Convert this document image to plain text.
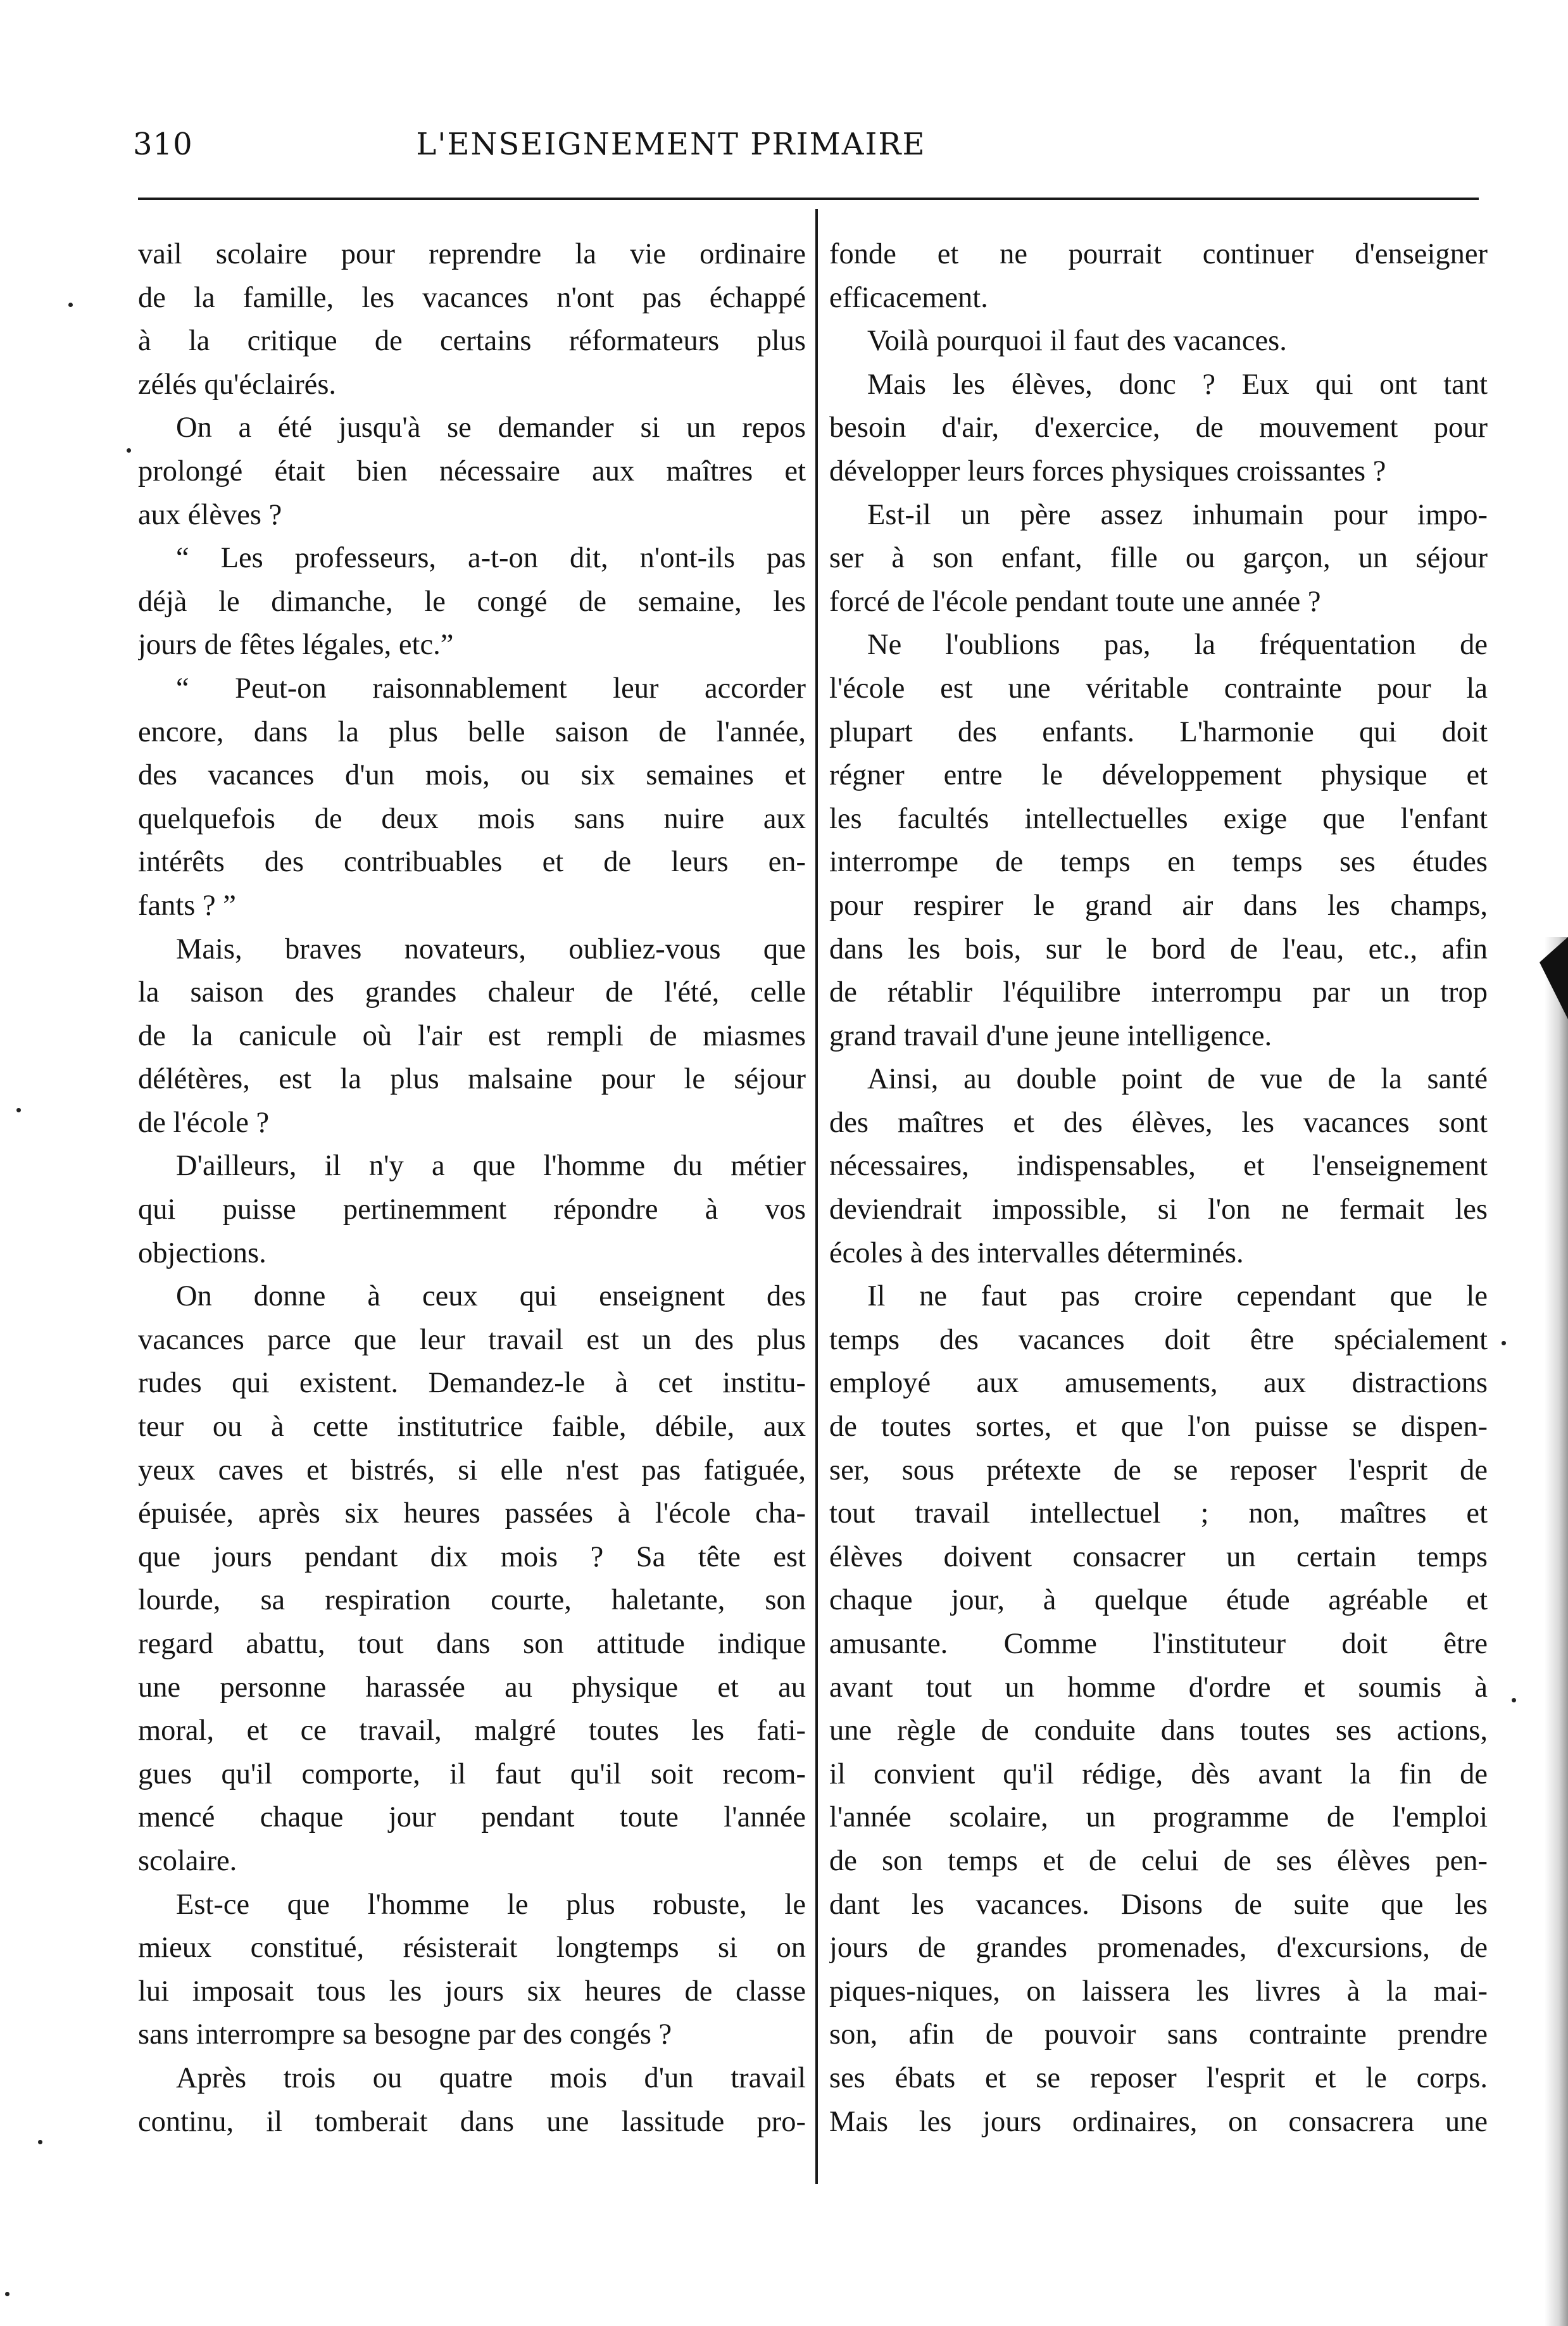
310	L'ENSEIGNEMENT PRIMAIRE
vail scolaire pour reprendre la vie ordinaire
de la famille, les vacances n'ont pas échappé
à la critique de certains réformateurs plus
zélés qu'éclairés.
On a été jusqu'à se demander si un repos
prolongé était bien nécessaire aux maîtres et
aux élèves ?
“ Les professeurs, a-t-on dit, n'ont-ils pas
déjà le dimanche, le congé de semaine, les
jours de fêtes légales, etc.”
“ Peut-on raisonnablement leur accorder
encore, dans la plus belle saison de l'année,
des vacances d'un mois, ou six semaines et
quelquefois de deux mois sans nuire aux
intérêts des contribuables et de leurs en-
fants ? ”
Mais, braves novateurs, oubliez-vous que
la saison des grandes chaleur de l'été, celle
de la canicule où l'air est rempli de miasmes
délétères, est la plus malsaine pour le séjour
de l'école ?
D'ailleurs, il n'y a que l'homme du métier
qui puisse pertinemment répondre à vos
objections.
On donne à ceux qui enseignent des
vacances parce que leur travail est un des plus
rudes qui existent. Demandez-le à cet institu-
teur ou à cette institutrice faible, débile, aux
yeux caves et bistrés, si elle n'est pas fatiguée,
épuisée, après six heures passées à l'école cha-
que jours pendant dix mois ? Sa tête est
lourde, sa respiration courte, haletante, son
regard abattu, tout dans son attitude indique
une personne harassée au physique et au
moral, et ce travail, malgré toutes les fati-
gues qu'il comporte, il faut qu'il soit recom-
mencé chaque jour pendant toute l'année
scolaire.
Est-ce que l'homme le plus robuste, le
mieux constitué, résisterait longtemps si on
lui imposait tous les jours six heures de classe
sans interrompre sa besogne par des congés ?
Après trois ou quatre mois d'un travail
continu, il tomberait dans une lassitude pro-
fonde et ne pourrait continuer d'enseigner
efficacement.
Voilà pourquoi il faut des vacances.
Mais les élèves, donc ? Eux qui ont tant
besoin d'air, d'exercice, de mouvement pour
développer leurs forces physiques croissantes ?
Est-il un père assez inhumain pour impo-
ser à son enfant, fille ou garçon, un séjour
forcé de l'école pendant toute une année ?
Ne l'oublions pas, la fréquentation de
l'école est une véritable contrainte pour la
plupart des enfants. L'harmonie qui doit
régner entre le développement physique et
les facultés intellectuelles exige que l'enfant
interrompe de temps en temps ses études
pour respirer le grand air dans les champs,
dans les bois, sur le bord de l'eau, etc., afin
de rétablir l'équilibre interrompu par un trop
grand travail d'une jeune intelligence.
Ainsi, au double point de vue de la santé
des maîtres et des élèves, les vacances sont
nécessaires, indispensables, et l'enseignement
deviendrait impossible, si l'on ne fermait les
écoles à des intervalles déterminés.
Il ne faut pas croire cependant que le
temps des vacances doit être spécialement
employé aux amusements, aux distractions
de toutes sortes, et que l'on puisse se dispen-
ser, sous prétexte de se reposer l'esprit de
tout travail intellectuel ; non, maîtres et
élèves doivent consacrer un certain temps
chaque jour, à quelque étude agréable et
amusante. Comme l'instituteur doit être
avant tout un homme d'ordre et soumis à
une règle de conduite dans toutes ses actions,
il convient qu'il rédige, dès avant la fin de
l'année scolaire, un programme de l'emploi
de son temps et de celui de ses élèves pen-
dant les vacances. Disons de suite que les
jours de grandes promenades, d'excursions, de
piques-niques, on laissera les livres à la mai-
son, afin de pouvoir sans contrainte prendre
ses ébats et se reposer l'esprit et le corps.
Mais les jours ordinaires, on consacrera une
